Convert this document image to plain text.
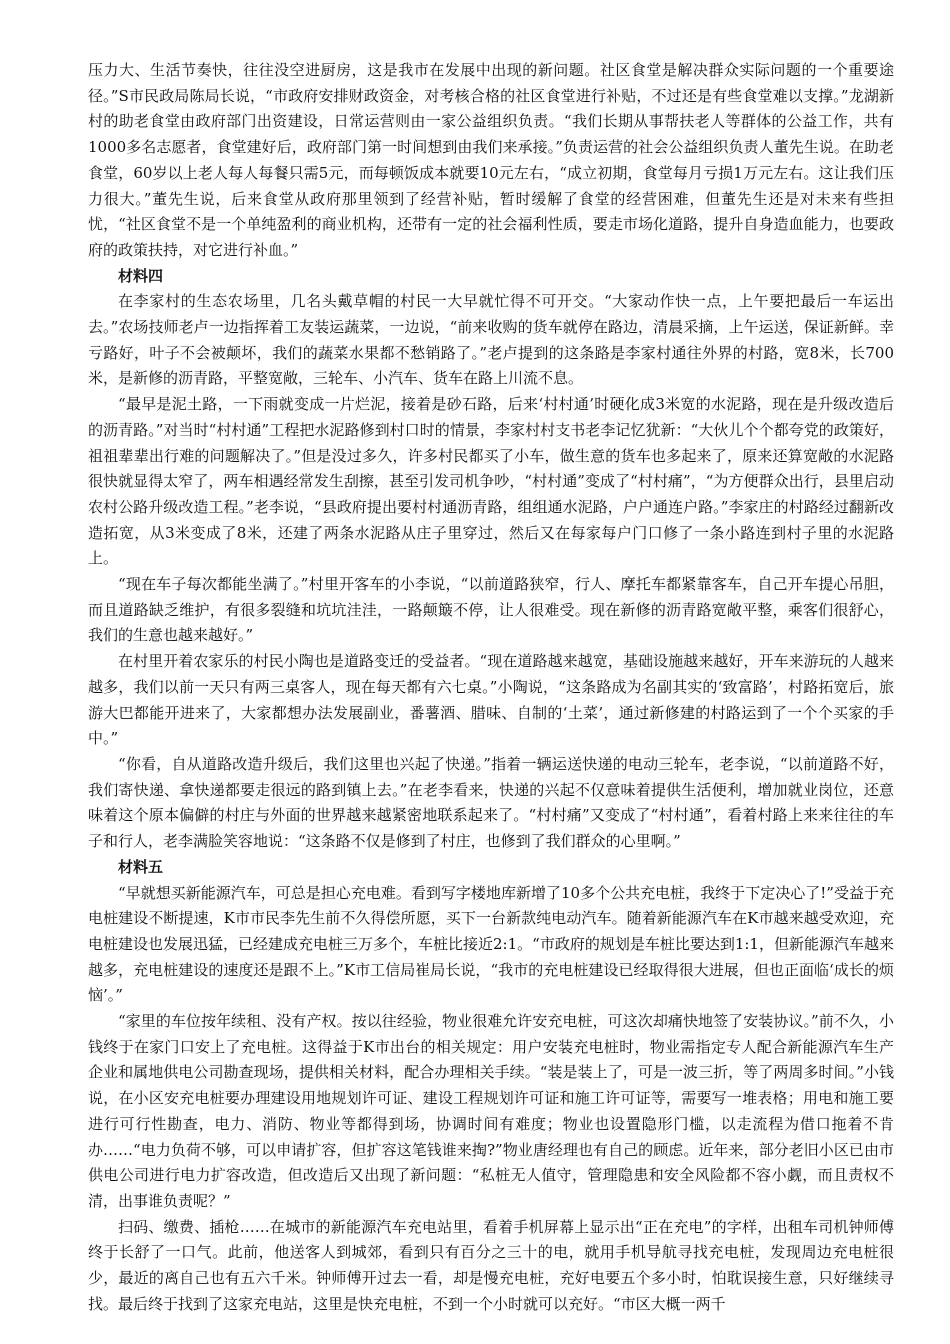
压力大、生活节奏快，往往没空进厨房，这是我市在发展中出现的新问题。社区食堂是解决群众实际问题的一个重要途径。”S市民政局陈局长说，“市政府安排财政资金，对考核合格的社区食堂进行补贴，不过还是有些食堂难以支撑。”龙湖新村的助老食堂由政府部门出资建设，日常运营则由一家公益组织负责。“我们长期从事帮扶老人等群体的公益工作，共有1000多名志愿者，食堂建好后，政府部门第一时间想到由我们来承接。”负责运营的社会公益组织负责人董先生说。在助老食堂，60岁以上老人每人每餐只需5元，而每顿饭成本就要10元左右，“成立初期，食堂每月亏损1万元左右。这让我们压力很大。”董先生说，后来食堂从政府那里领到了经营补贴，暂时缓解了食堂的经营困难，但董先生还是对未来有些担忧，“社区食堂不是一个单纯盈利的商业机构，还带有一定的社会福利性质，要走市场化道路，提升自身造血能力，也要政府的政策扶持，对它进行补血。”

材料四

在李家村的生态农场里，几名头戴草帽的村民一大早就忙得不可开交。“大家动作快一点，上午要把最后一车运出去。”农场技师老卢一边指挥着工友装运蔬菜，一边说，“前来收购的货车就停在路边，清晨采摘，上午运送，保证新鲜。幸亏路好，叶子不会被颠坏，我们的蔬菜水果都不愁销路了。”老卢提到的这条路是李家村通往外界的村路，宽8米，长700米，是新修的沥青路，平整宽敞，三轮车、小汽车、货车在路上川流不息。

“最早是泥土路，一下雨就变成一片烂泥，接着是砂石路，后来‘村村通’时硬化成3米宽的水泥路，现在是升级改造后的沥青路。”对当时“村村通”工程把水泥路修到村口时的情景，李家村村支书老李记忆犹新：“大伙儿个个都夸党的政策好，祖祖辈辈出行难的问题解决了。”但是没过多久，许多村民都买了小车，做生意的货车也多起来了，原来还算宽敞的水泥路很快就显得太窄了，两车相遇经常发生刮擦，甚至引发司机争吵，“村村通”变成了“村村痛”，“为方便群众出行，县里启动农村公路升级改造工程。”老李说，“县政府提出要村村通沥青路，组组通水泥路，户户通连户路。”李家庄的村路经过翻新改造拓宽，从3米变成了8米，还建了两条水泥路从庄子里穿过，然后又在每家每户门口修了一条小路连到村子里的水泥路上。

“现在车子每次都能坐满了。”村里开客车的小李说，“以前道路狭窄，行人、摩托车都紧靠客车，自己开车提心吊胆，而且道路缺乏维护，有很多裂缝和坑坑洼洼，一路颠簸不停，让人很难受。现在新修的沥青路宽敞平整，乘客们很舒心，我们的生意也越来越好。”

在村里开着农家乐的村民小陶也是道路变迁的受益者。“现在道路越来越宽，基础设施越来越好，开车来游玩的人越来越多，我们以前一天只有两三桌客人，现在每天都有六七桌。”小陶说，“这条路成为名副其实的‘致富路’，村路拓宽后，旅游大巴都能开进来了，大家都想办法发展副业，番薯酒、腊味、自制的‘土菜’，通过新修建的村路运到了一个个买家的手中。”

“你看，自从道路改造升级后，我们这里也兴起了快递。”指着一辆运送快递的电动三轮车，老李说，“以前道路不好，我们寄快递、拿快递都要走很远的路到镇上去。”在老李看来，快递的兴起不仅意味着提供生活便利，增加就业岗位，还意味着这个原本偏僻的村庄与外面的世界越来越紧密地联系起来了。“村村痛”又变成了“村村通”，看着村路上来来往往的车子和行人，老李满脸笑容地说：“这条路不仅是修到了村庄，也修到了我们群众的心里啊。”

材料五

“早就想买新能源汽车，可总是担心充电难。看到写字楼地库新增了10多个公共充电桩，我终于下定决心了!”受益于充电桩建设不断提速，K市市民李先生前不久得偿所愿，买下一台新款纯电动汽车。随着新能源汽车在K市越来越受欢迎，充电桩建设也发展迅猛，已经建成充电桩三万多个，车桩比接近2:1。“市政府的规划是车桩比要达到1:1，但新能源汽车越来越多，充电桩建设的速度还是跟不上。”K市工信局崔局长说，“我市的充电桩建设已经取得很大进展，但也正面临‘成长的烦恼’。”

“家里的车位按年续租、没有产权。按以往经验，物业很难允许安充电桩，可这次却痛快地签了安装协议。”前不久，小钱终于在家门口安上了充电桩。这得益于K市出台的相关规定：用户安装充电桩时，物业需指定专人配合新能源汽车生产企业和属地供电公司勘查现场，提供相关材料，配合办理相关手续。“装是装上了，可是一波三折，等了两周多时间。”小钱说，在小区安充电桩要办理建设用地规划许可证、建设工程规划许可证和施工许可证等，需要写一堆表格；用电和施工要进行可行性勘查，电力、消防、物业等都得到场，协调时间有难度；物业也设置隐形门槛，以走流程为借口拖着不肯办……“电力负荷不够，可以申请扩容，但扩容这笔钱谁来掏?”物业唐经理也有自己的顾虑。近年来，部分老旧小区已由市供电公司进行电力扩容改造，但改造后又出现了新问题：“私桩无人值守，管理隐患和安全风险都不容小觑，而且责权不清，出事谁负责呢？”

扫码、缴费、插枪……在城市的新能源汽车充电站里，看着手机屏幕上显示出“正在充电”的字样，出租车司机钟师傅终于长舒了一口气。此前，他送客人到城郊，看到只有百分之三十的电，就用手机导航寻找充电桩，发现周边充电桩很少，最近的离自己也有五六千米。钟师傅开过去一看，却是慢充电桩，充好电要五个多小时，怕耽误接生意，只好继续寻找。最后终于找到了这家充电站，这里是快充电桩，不到一个小时就可以充好。“市区大概一两千
